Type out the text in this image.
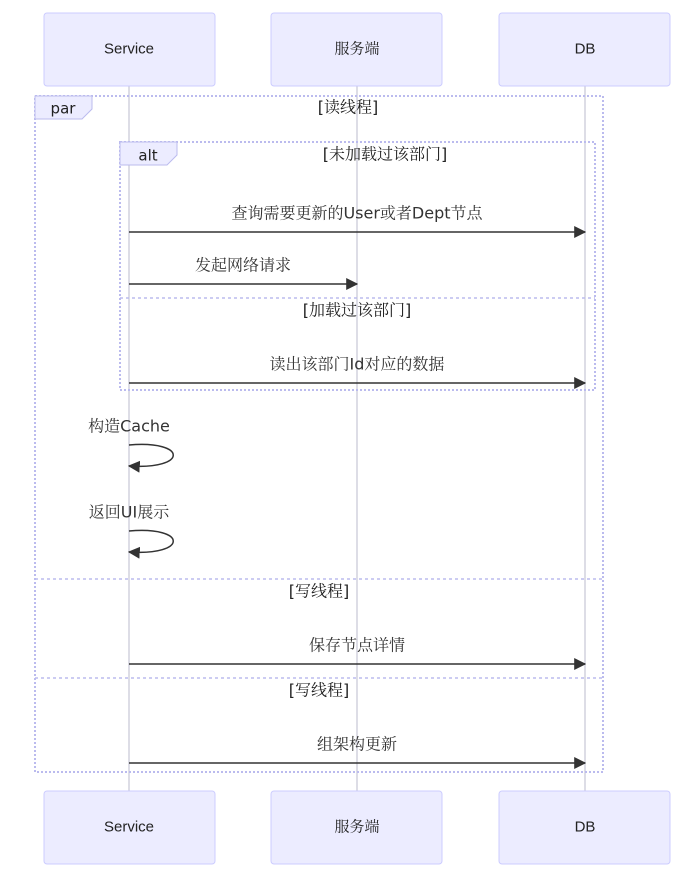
Service	服务端	DB
par	[读线程]
[写线程]
[写线程]
alt	[未加载过该部门]
[加载过该部门]
查询需要更新的User或者Dept节点
发起网络请求
读出该部门Id对应的数据
构造Cache
返回UI展示
保存节点详情
组架构更新
Service	服务端	DB
